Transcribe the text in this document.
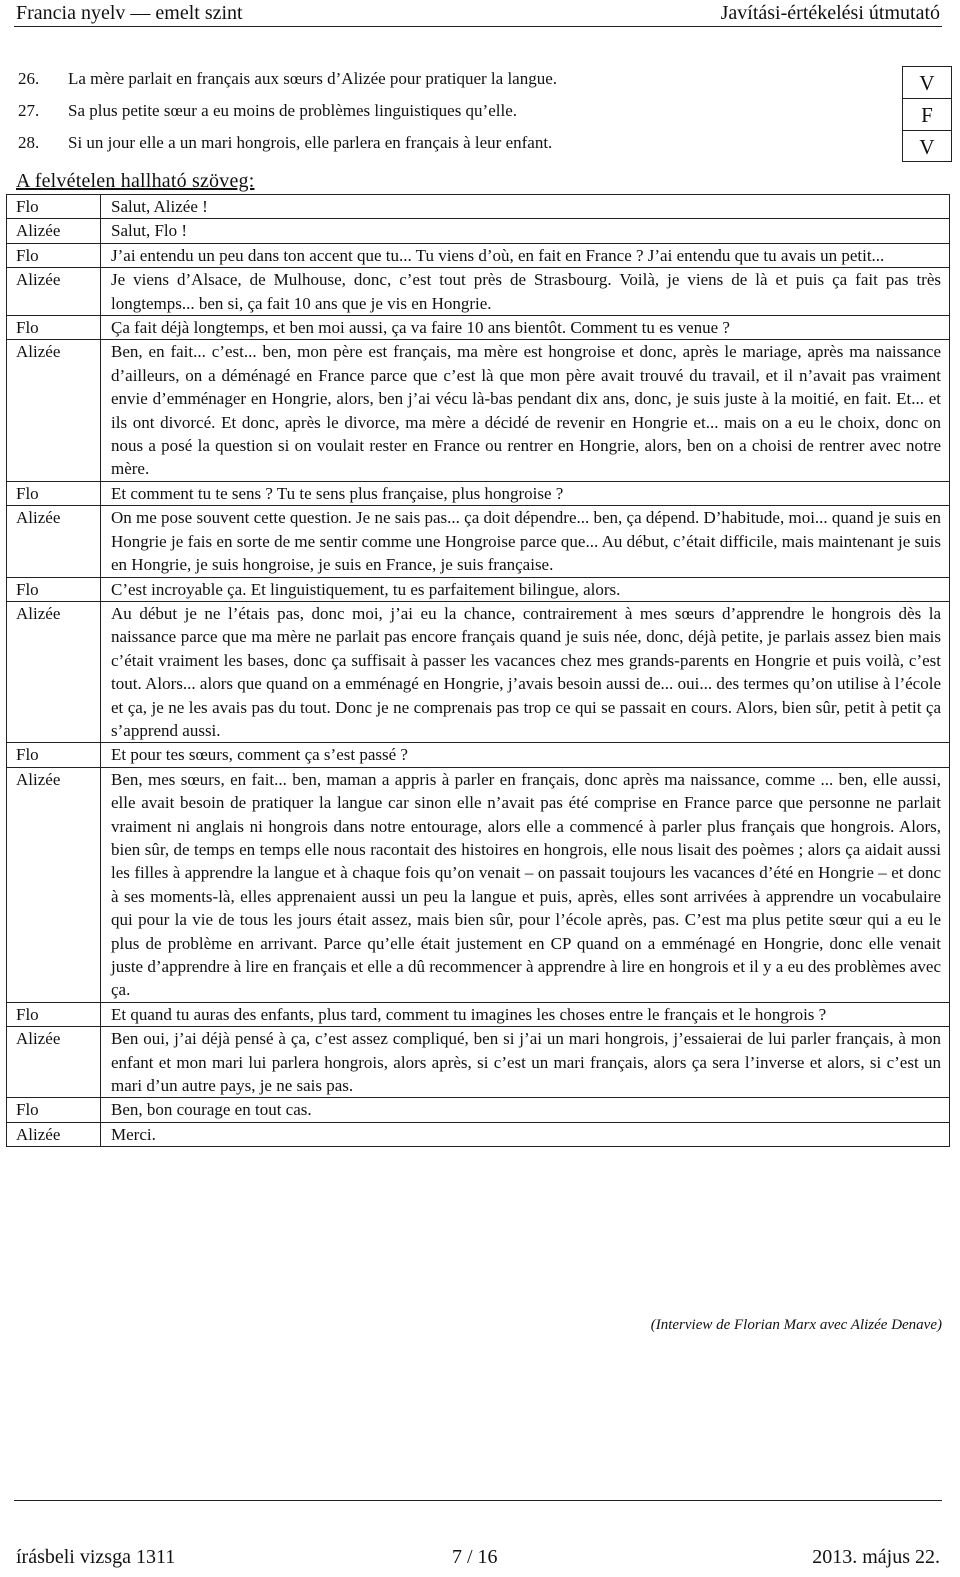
Francia nyelv — emelt szint	Javítási-értékelési útmutató
26. La mère parlait en français aux sœurs d’Alizée pour pratiquer la langue.	V
27. Sa plus petite sœur a eu moins de problèmes linguistiques qu’elle.	F
28. Si un jour elle a un mari hongrois, elle parlera en français à leur enfant.	V
A felvételen hallható szöveg:
Flo	Salut, Alizée !
Alizée	Salut, Flo !
Flo	J’ai entendu un peu dans ton accent que tu... Tu viens d’où, en fait en France ? J’ai entendu que tu avais un petit...
Alizée	Je viens d’Alsace, de Mulhouse, donc, c’est tout près de Strasbourg. Voilà, je viens de là et puis ça fait pas très longtemps... ben si, ça fait 10 ans que je vis en Hongrie.
Flo	Ça fait déjà longtemps, et ben moi aussi, ça va faire 10 ans bientôt. Comment tu es venue ?
Alizée	Ben, en fait... c’est... ben, mon père est français, ma mère est hongroise et donc, après le mariage, après ma naissance d’ailleurs, on a déménagé en France parce que c’est là que mon père avait trouvé du travail, et il n’avait pas vraiment envie d’emménager en Hongrie, alors, ben j’ai vécu là-bas pendant dix ans, donc, je suis juste à la moitié, en fait. Et... et ils ont divorcé. Et donc, après le divorce, ma mère a décidé de revenir en Hongrie et... mais on a eu le choix, donc on nous a posé la question si on voulait rester en France ou rentrer en Hongrie, alors, ben on a choisi de rentrer avec notre mère.
Flo	Et comment tu te sens ? Tu te sens plus française, plus hongroise ?
Alizée	On me pose souvent cette question. Je ne sais pas... ça doit dépendre... ben, ça dépend. D’habitude, moi... quand je suis en Hongrie je fais en sorte de me sentir comme une Hongroise parce que... Au début, c’était difficile, mais maintenant je suis en Hongrie, je suis hongroise, je suis en France, je suis française.
Flo	C’est incroyable ça. Et linguistiquement, tu es parfaitement bilingue, alors.
Alizée	Au début je ne l’étais pas, donc moi, j’ai eu la chance, contrairement à mes sœurs d’apprendre le hongrois dès la naissance parce que ma mère ne parlait pas encore français quand je suis née, donc, déjà petite, je parlais assez bien mais c’était vraiment les bases, donc ça suffisait à passer les vacances chez mes grands-parents en Hongrie et puis voilà, c’est tout. Alors... alors que quand on a emménagé en Hongrie, j’avais besoin aussi de... oui... des termes qu’on utilise à l’école et ça, je ne les avais pas du tout. Donc je ne comprenais pas trop ce qui se passait en cours. Alors, bien sûr, petit à petit ça s’apprend aussi.
Flo	Et pour tes sœurs, comment ça s’est passé ?
Alizée	Ben, mes sœurs, en fait... ben, maman a appris à parler en français, donc après ma naissance, comme ... ben, elle aussi, elle avait besoin de pratiquer la langue car sinon elle n’avait pas été comprise en France parce que personne ne parlait vraiment ni anglais ni hongrois dans notre entourage, alors elle a commencé à parler plus français que hongrois. Alors, bien sûr, de temps en temps elle nous racontait des histoires en hongrois, elle nous lisait des poèmes ; alors ça aidait aussi les filles à apprendre la langue et à chaque fois qu’on venait – on passait toujours les vacances d’été en Hongrie – et donc à ses moments-là, elles apprenaient aussi un peu la langue et puis, après, elles sont arrivées à apprendre un vocabulaire qui pour la vie de tous les jours était assez, mais bien sûr, pour l’école après, pas. C’est ma plus petite sœur qui a eu le plus de problème en arrivant. Parce qu’elle était justement en CP quand on a emménagé en Hongrie, donc elle venait juste d’apprendre à lire en français et elle a dû recommencer à apprendre à lire en hongrois et il y a eu des problèmes avec ça.
Flo	Et quand tu auras des enfants, plus tard, comment tu imagines les choses entre le français et le hongrois ?
Alizée	Ben oui, j’ai déjà pensé à ça, c’est assez compliqué, ben si j’ai un mari hongrois, j’essaierai de lui parler français, à mon enfant et mon mari lui parlera hongrois, alors après, si c’est un mari français, alors ça sera l’inverse et alors, si c’est un mari d’un autre pays, je ne sais pas.
Flo	Ben, bon courage en tout cas.
Alizée	Merci.
(Interview de Florian Marx avec Alizée Denave)
írásbeli vizsga 1311	7 / 16	2013. május 22.
